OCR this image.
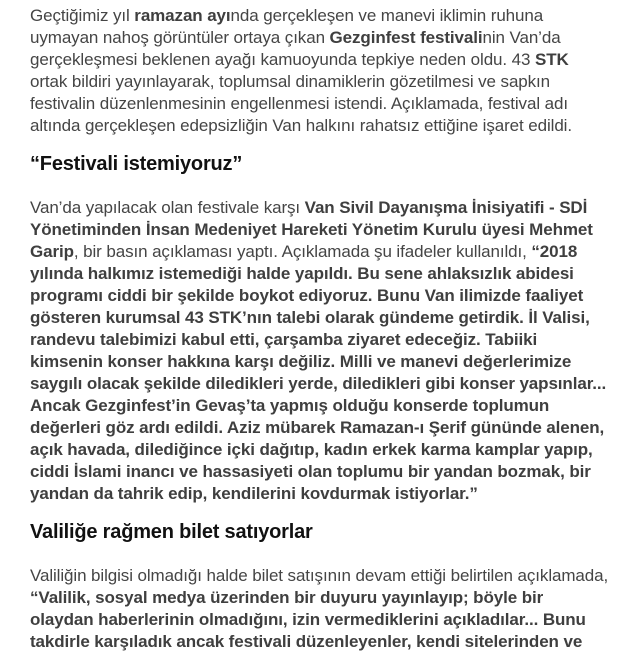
Geçtiğimiz yıl ramazan ayında gerçekleşen ve manevi iklimin ruhuna uymayan nahoş görüntüler ortaya çıkan Gezginfest festivalinin Van’da gerçekleşmesi beklenen ayağı kamuoyunda tepkiye neden oldu. 43 STK ortak bildiri yayınlayarak, toplumsal dinamiklerin gözetilmesi ve sapkın festivalin düzenlenmesinin engellenmesi istendi. Açıklamada, festival adı altında gerçekleşen edepsizliğin Van halkını rahatsız ettiğine işaret edildi.

“Festivali istemiyoruz”

Van’da yapılacak olan festivale karşı Van Sivil Dayanışma İnisiyatifi - SDİ Yönetiminden İnsan Medeniyet Hareketi Yönetim Kurulu üyesi Mehmet Garip, bir basın açıklaması yaptı. Açıklamada şu ifadeler kullanıldı, “2018 yılında halkımız istemediği halde yapıldı. Bu sene ahlaksızlık abidesi programı ciddi bir şekilde boykot ediyoruz. Bunu Van ilimizde faaliyet gösteren kurumsal 43 STK’nın talebi olarak gündeme getirdik. İl Valisi, randevu talebimizi kabul etti, çarşamba ziyaret edeceğiz. Tabiiki kimsenin konser hakkına karşı değiliz. Milli ve manevi değerlerimize saygılı olacak şekilde diledikleri yerde, diledikleri gibi konser yapsınlar... Ancak Gezginfest’in Gevaş’ta yapmış olduğu konserde toplumun değerleri göz ardı edildi. Aziz mübarek Ramazan-ı Şerif gününde alenen, açık havada, dilediğince içki dağıtıp, kadın erkek karma kamplar yapıp, ciddi İslami inancı ve hassasiyeti olan toplumu bir yandan bozmak, bir yandan da tahrik edip, kendilerini kovdurmak istiyorlar.”

Valiliğe rağmen bilet satıyorlar

Valiliğin bilgisi olmadığı halde bilet satışının devam ettiği belirtilen açıklamada, “Valilik, sosyal medya üzerinden bir duyuru yayınlayıp; böyle bir olaydan haberlerinin olmadığını, izin vermediklerini açıkladılar... Bunu takdirle karşıladık ancak festivali düzenleyenler, kendi sitelerinden ve
